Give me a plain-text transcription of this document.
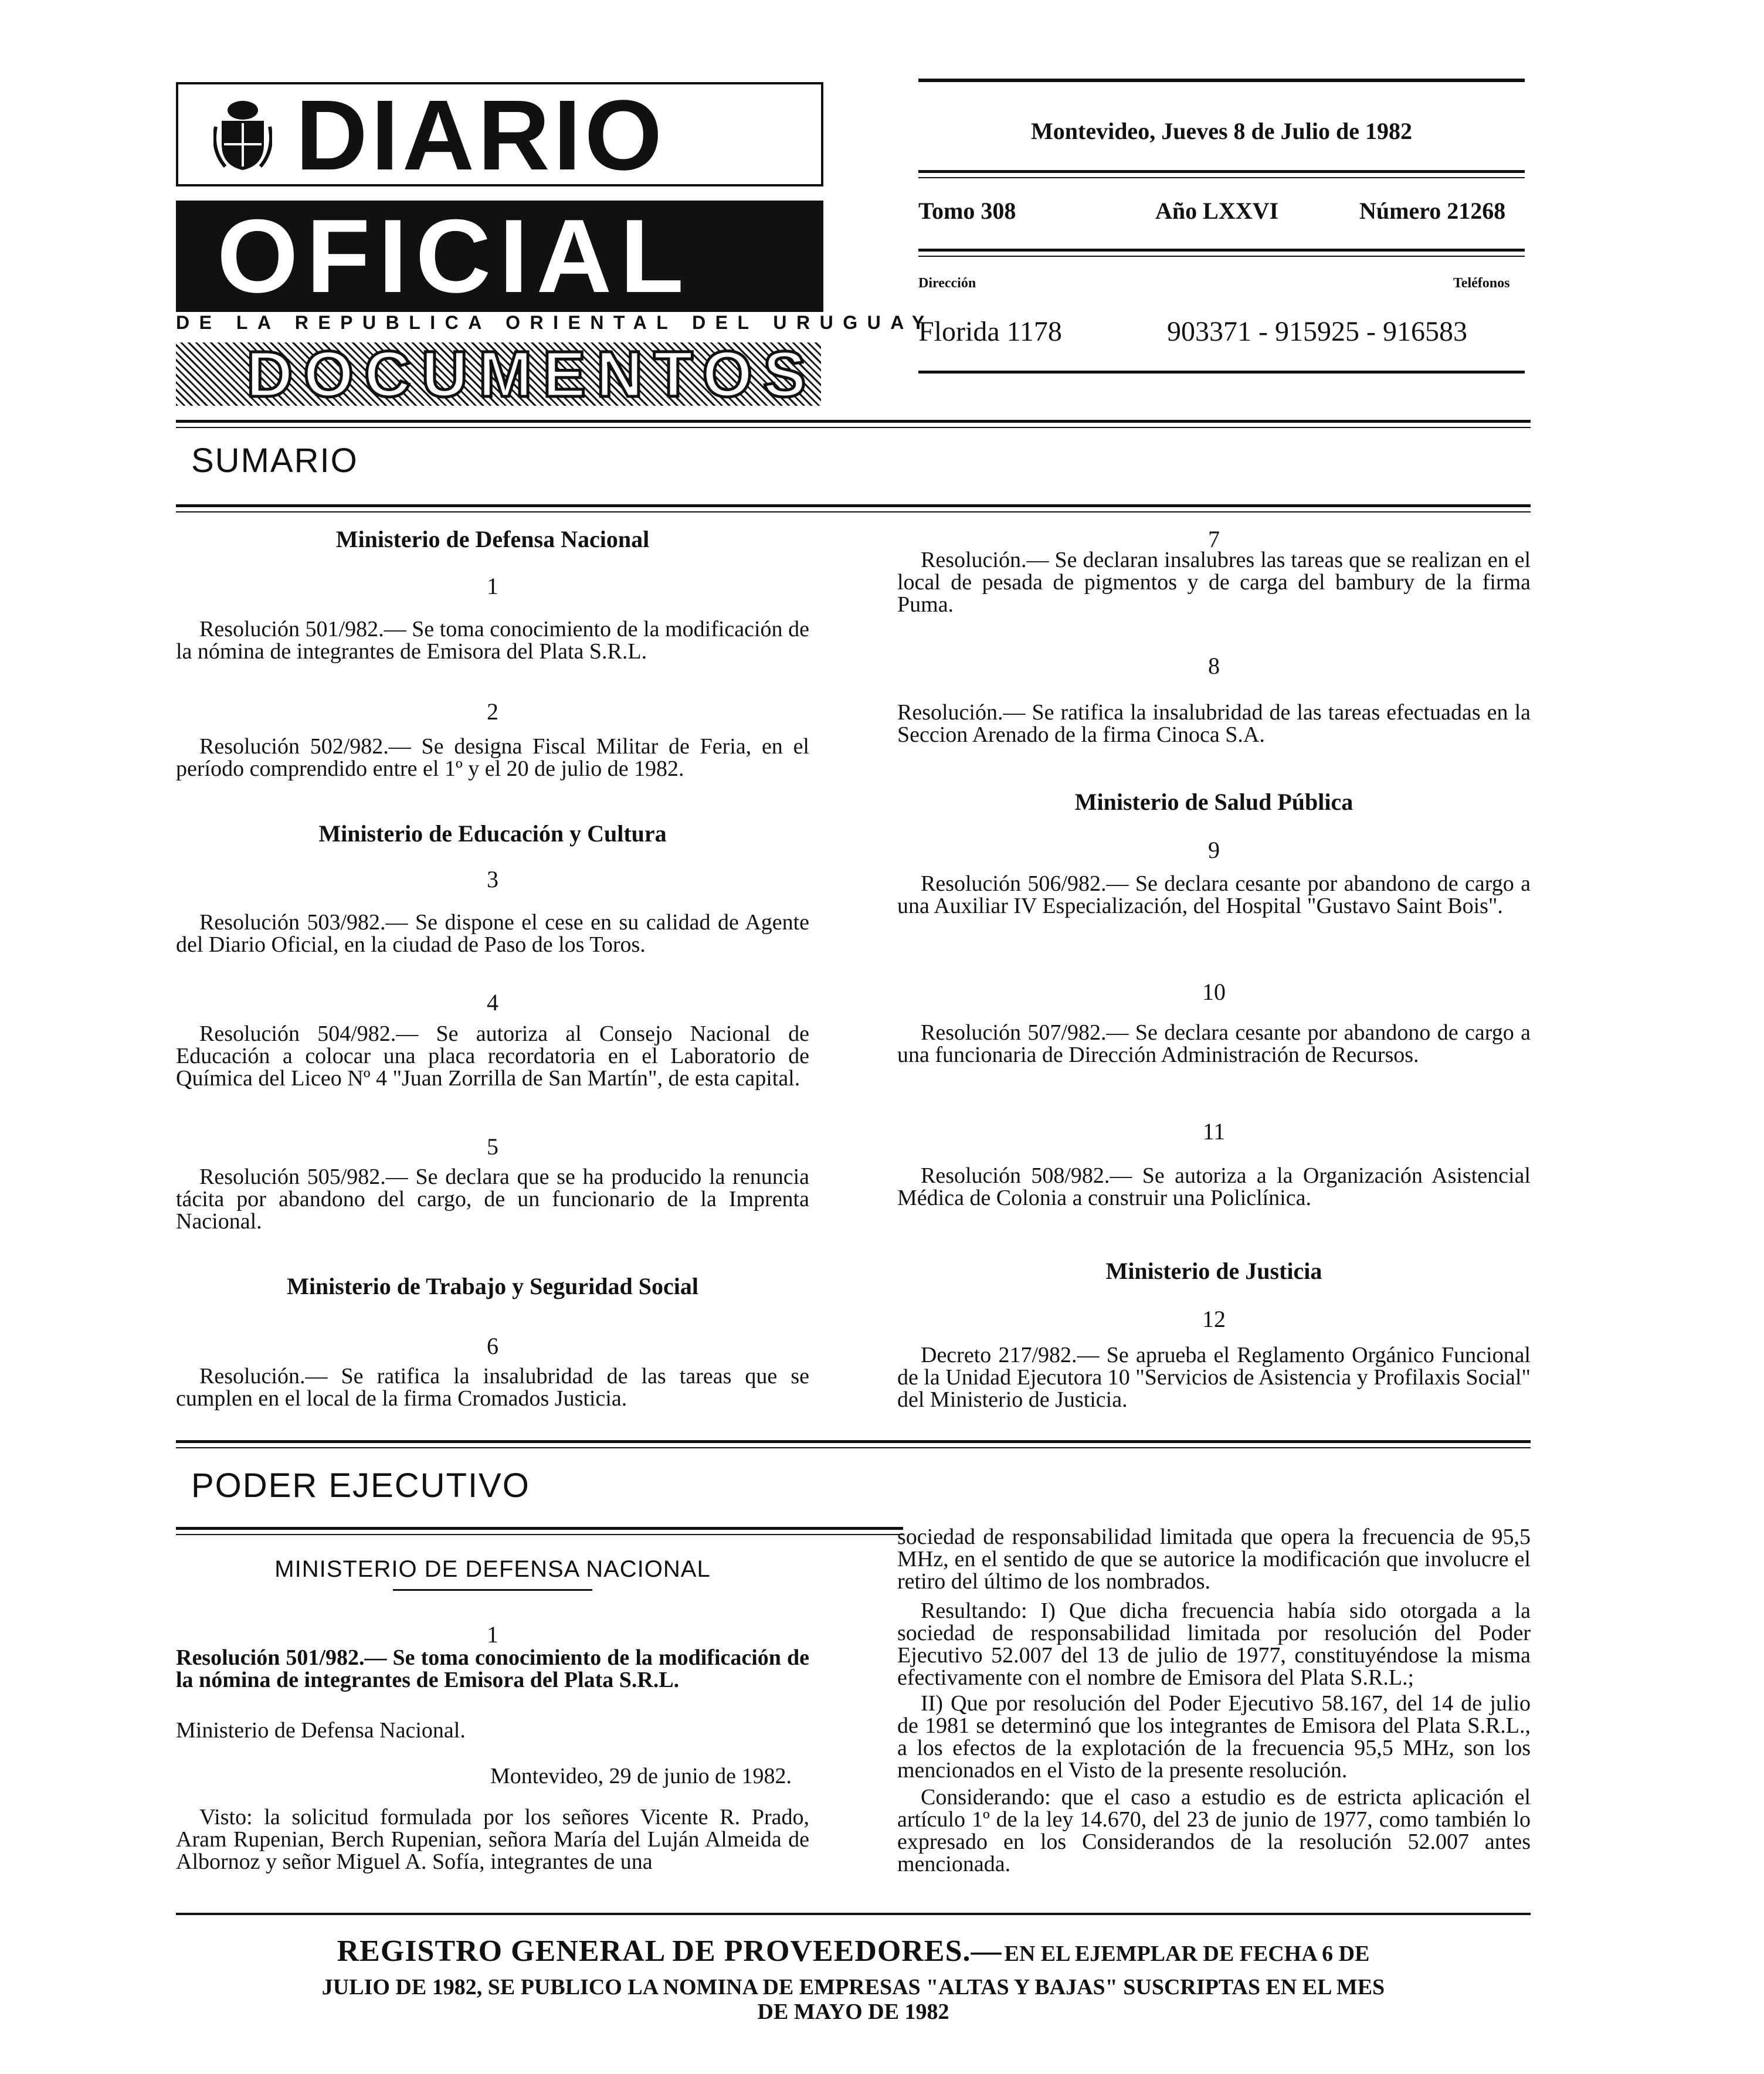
DIARIO
OFICIAL
DE LA REPUBLICA ORIENTAL DEL URUGUAY
DOCUMENTOS
Montevideo, Jueves 8 de Julio de 1982
Tomo 308	Año LXXVI	Número 21268
Dirección	Teléfonos
Florida 1178	903371 - 915925 - 916583
SUMARIO
Ministerio de Defensa Nacional
1
Resolución 501/982.— Se toma conocimiento de la modificación de la nómina de integrantes de Emisora del Plata S.R.L.
2
Resolución 502/982.— Se designa Fiscal Militar de Feria, en el período comprendido entre el 1º y el 20 de julio de 1982.
Ministerio de Educación y Cultura
3
Resolución 503/982.— Se dispone el cese en su calidad de Agente del Diario Oficial, en la ciudad de Paso de los Toros.
4
Resolución 504/982.— Se autoriza al Consejo Nacional de Educación a colocar una placa recordatoria en el Laboratorio de Química del Liceo Nº 4 "Juan Zorrilla de San Martín", de esta capital.
5
Resolución 505/982.— Se declara que se ha producido la renuncia tácita por abandono del cargo, de un funcionario de la Imprenta Nacional.
Ministerio de Trabajo y Seguridad Social
6
Resolución.— Se ratifica la insalubridad de las tareas que se cumplen en el local de la firma Cromados Justicia.
7
Resolución.— Se declaran insalubres las tareas que se realizan en el local de pesada de pigmentos y de carga del bambury de la firma Puma.
8
Resolución.— Se ratifica la insalubridad de las tareas efectuadas en la Seccion Arenado de la firma Cinoca S.A.
Ministerio de Salud Pública
9
Resolución 506/982.— Se declara cesante por abandono de cargo a una Auxiliar IV Especialización, del Hospital "Gustavo Saint Bois".
10
Resolución 507/982.— Se declara cesante por abandono de cargo a una funcionaria de Dirección Administración de Recursos.
11
Resolución 508/982.— Se autoriza a la Organización Asistencial Médica de Colonia a construir una Policlínica.
Ministerio de Justicia
12
Decreto 217/982.— Se aprueba el Reglamento Orgánico Funcional de la Unidad Ejecutora 10 "Servicios de Asistencia y Profilaxis Social" del Ministerio de Justicia.
PODER EJECUTIVO
MINISTERIO DE DEFENSA NACIONAL
1
Resolución 501/982.— Se toma conocimiento de la modificación de la nómina de integrantes de Emisora del Plata S.R.L.
Ministerio de Defensa Nacional.
Montevideo, 29 de junio de 1982.
Visto: la solicitud formulada por los señores Vicente R. Prado, Aram Rupenian, Berch Rupenian, señora María del Luján Almeida de Albornoz y señor Miguel A. Sofía, integrantes de una
sociedad de responsabilidad limitada que opera la frecuencia de 95,5 MHz, en el sentido de que se autorice la modificación que involucre el retiro del último de los nombrados.
Resultando: I) Que dicha frecuencia había sido otorgada a la sociedad de responsabilidad limitada por resolución del Poder Ejecutivo 52.007 del 13 de julio de 1977, constituyéndose la misma efectivamente con el nombre de Emisora del Plata S.R.L.;
II) Que por resolución del Poder Ejecutivo 58.167, del 14 de julio de 1981 se determinó que los integrantes de Emisora del Plata S.R.L., a los efectos de la explotación de la frecuencia 95,5 MHz, son los mencionados en el Visto de la presente resolución.
Considerando: que el caso a estudio es de estricta aplicación el artículo 1º de la ley 14.670, del 23 de junio de 1977, como también lo expresado en los Considerandos de la resolución 52.007 antes mencionada.
REGISTRO GENERAL DE PROVEEDORES.— EN EL EJEMPLAR DE FECHA 6 DE
JULIO DE 1982, SE PUBLICO LA NOMINA DE EMPRESAS "ALTAS Y BAJAS" SUSCRIPTAS EN EL MES
DE MAYO DE 1982
